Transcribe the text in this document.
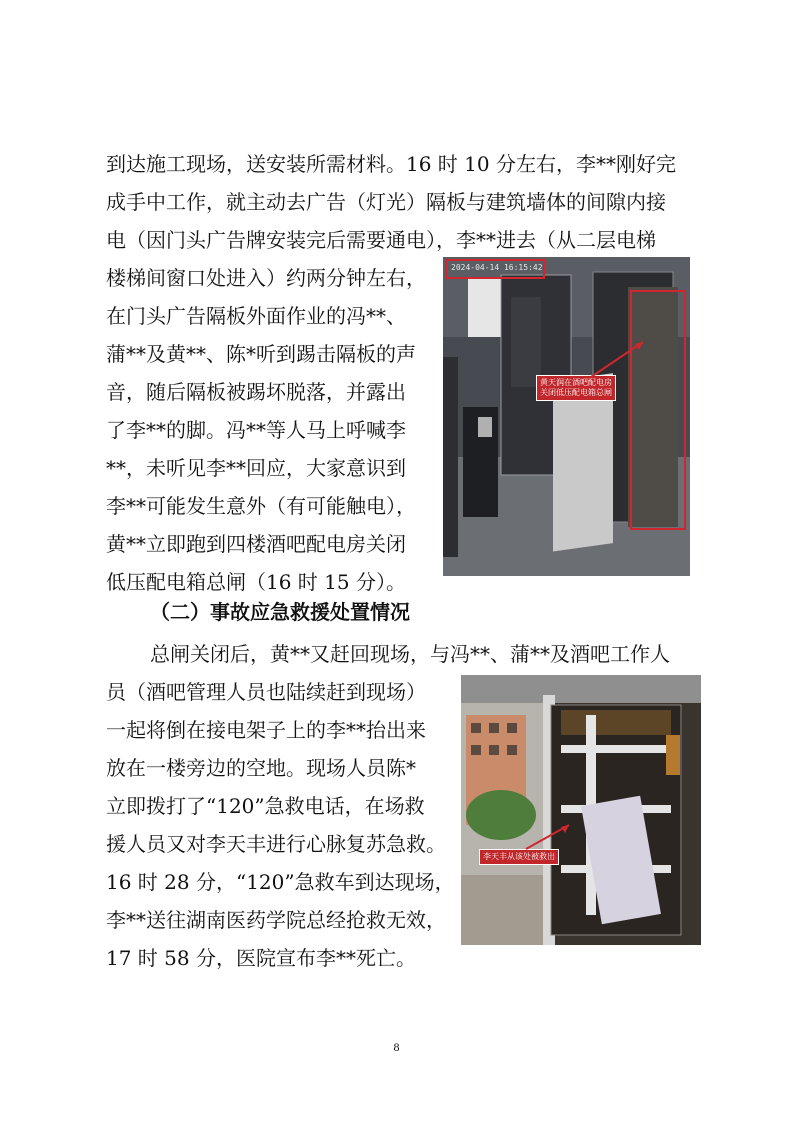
到达施工现场，送安装所需材料。16 时 10 分左右，李**刚好完
成手中工作，就主动去广告（灯光）隔板与建筑墙体的间隙内接
电（因门头广告牌安装完后需要通电），李**进去（从二层电梯
楼梯间窗口处进入）约两分钟左右，
在门头广告隔板外面作业的冯**、
蒲**及黄**、陈*听到踢击隔板的声
音，随后隔板被踢坏脱落，并露出
了李**的脚。冯**等人马上呼喊李
**，未听见李**回应，大家意识到
李**可能发生意外（有可能触电），
黄**立即跑到四楼酒吧配电房关闭
低压配电箱总闸（16 时 15 分）。
2024-04-14 16:15:42
黄天润在酒吧配电房
关闭低压配电箱总闸
（二）事故应急救援处置情况
总闸关闭后，黄**又赶回现场，与冯**、蒲**及酒吧工作人
员（酒吧管理人员也陆续赶到现场）
一起将倒在接电架子上的李**抬出来
放在一楼旁边的空地。现场人员陈*
立即拨打了“120”急救电话，在场救
援人员又对李天丰进行心脉复苏急救。
16 时 28 分，“120”急救车到达现场，
李**送往湖南医药学院总经抢救无效，
17 时 58 分，医院宣布李**死亡。
李天丰从该处被救出
8
